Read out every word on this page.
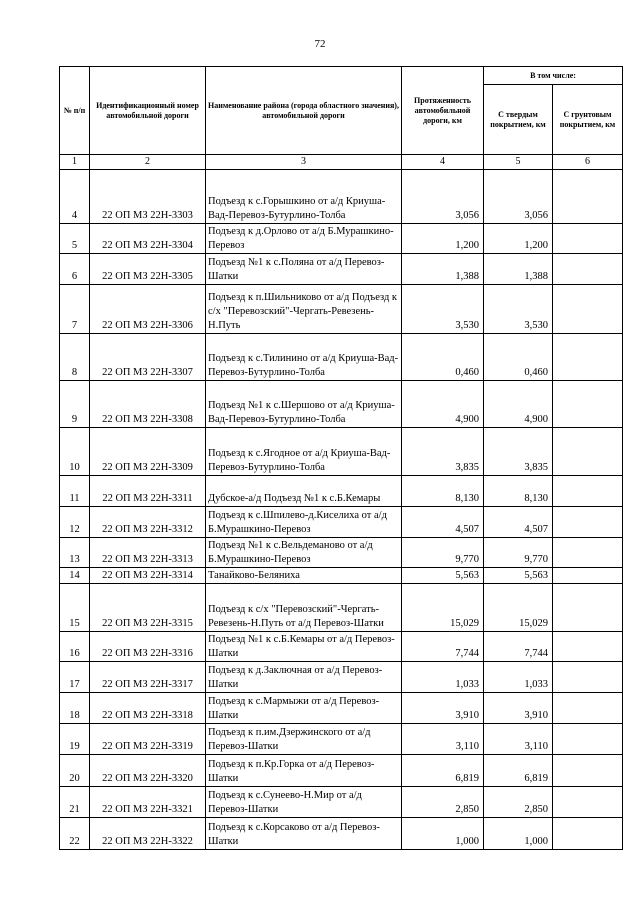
72
№ п/п	Идентификационный номер автомобильной дороги	Наименование района (города областного значения), автомобильной дороги	Протяженность автомобильной дороги, км	В том числе:	
				С твердым покрытием, км	С грунтовым покрытием, км
1	2	3	4	5	6
4	22 ОП МЗ 22Н-3303	Подъезд к с.Горышкино от а/д Криуша-Вад-Перевоз-Бутурлино-Толба	3,056	3,056	
5	22 ОП МЗ 22Н-3304	Подъезд к д.Орлово от а/д Б.Мурашкино-Перевоз	1,200	1,200	
6	22 ОП МЗ 22Н-3305	Подъезд №1 к с.Поляна от а/д Перевоз-Шатки	1,388	1,388	
7	22 ОП МЗ 22Н-3306	Подъезд к п.Шильниково от а/д Подъезд к с/х "Перевозский"-Чергать-Ревезень-Н.Путь	3,530	3,530	
8	22 ОП МЗ 22Н-3307	Подъезд к с.Тилинино от а/д Криуша-Вад-Перевоз-Бутурлино-Толба	0,460	0,460	
9	22 ОП МЗ 22Н-3308	Подъезд №1 к с.Шершово от а/д Криуша-Вад-Перевоз-Бутурлино-Толба	4,900	4,900	
10	22 ОП МЗ 22Н-3309	Подъезд к с.Ягодное от а/д Криуша-Вад-Перевоз-Бутурлино-Толба	3,835	3,835	
11	22 ОП МЗ 22Н-3311	Дубское-а/д Подъезд №1 к с.Б.Кемары	8,130	8,130	
12	22 ОП МЗ 22Н-3312	Подъезд к с.Шпилево-д.Киселиха от а/д Б.Мурашкино-Перевоз	4,507	4,507	
13	22 ОП МЗ 22Н-3313	Подъезд №1 к с.Вельдеманово от а/д Б.Мурашкино-Перевоз	9,770	9,770	
14	22 ОП МЗ 22Н-3314	Танайково-Беляниха	5,563	5,563	
15	22 ОП МЗ 22Н-3315	Подъезд к с/х "Перевозский"-Чергать-Ревезень-Н.Путь от а/д Перевоз-Шатки	15,029	15,029	
16	22 ОП МЗ 22Н-3316	Подъезд №1 к с.Б.Кемары от а/д Перевоз-Шатки	7,744	7,744	
17	22 ОП МЗ 22Н-3317	Подъезд к д.Заключная от а/д Перевоз-Шатки	1,033	1,033	
18	22 ОП МЗ 22Н-3318	Подъезд к с.Мармыжи от а/д Перевоз-Шатки	3,910	3,910	
19	22 ОП МЗ 22Н-3319	Подъезд к п.им.Дзержинского от а/д Перевоз-Шатки	3,110	3,110	
20	22 ОП МЗ 22Н-3320	Подъезд к п.Кр.Горка от а/д Перевоз-Шатки	6,819	6,819	
21	22 ОП МЗ 22Н-3321	Подъезд к с.Сунеево-Н.Мир от а/д Перевоз-Шатки	2,850	2,850	
22	22 ОП МЗ 22Н-3322	Подъезд к с.Корсаково от а/д Перевоз-Шатки	1,000	1,000	
